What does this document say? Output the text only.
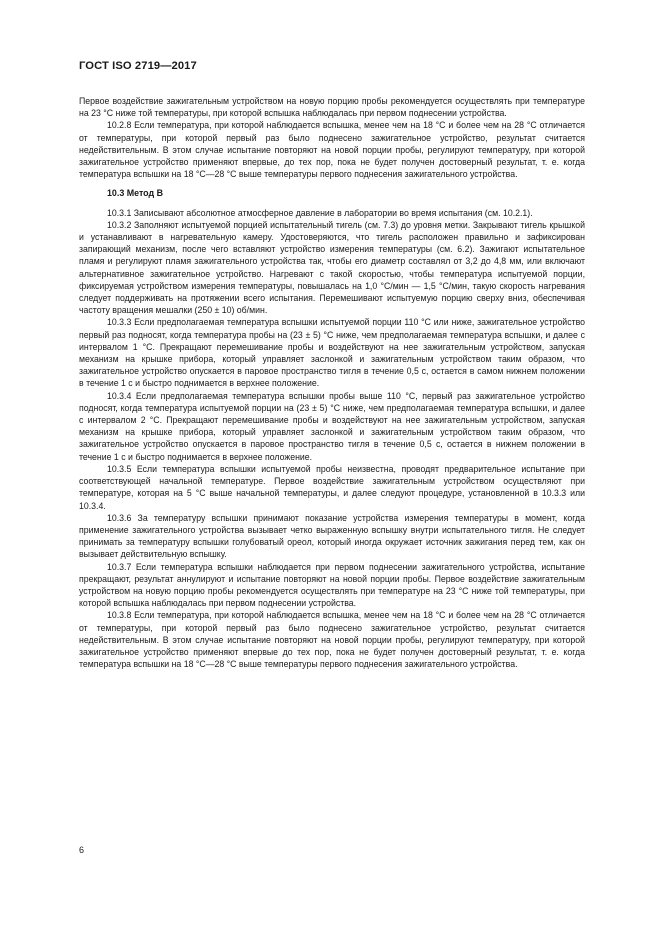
ГОСТ ISO 2719—2017

Первое воздействие зажигательным устройством на новую порцию пробы рекомендуется осуществлять при температуре на 23 °С ниже той температуры, при которой вспышка наблюдалась при первом поднесении устройства.

10.2.8 Если температура, при которой наблюдается вспышка, менее чем на 18 °С и более чем на 28 °С отличается от температуры, при которой первый раз было поднесено зажигательное устройство, результат считается недействительным. В этом случае испытание повторяют на новой порции пробы, регулируют температуру, при которой зажигательное устройство применяют впервые, до тех пор, пока не будет получен достоверный результат, т. е. когда температура вспышки на 18 °С—28 °С выше температуры первого поднесения зажигательного устройства.

10.3 Метод В

10.3.1 Записывают абсолютное атмосферное давление в лаборатории во время испытания (см. 10.2.1).

10.3.2 Заполняют испытуемой порцией испытательный тигель (см. 7.3) до уровня метки. Закрывают тигель крышкой и устанавливают в нагревательную камеру. Удостоверяются, что тигель расположен правильно и зафиксирован запирающий механизм, после чего вставляют устройство измерения температуры (см. 6.2). Зажигают испытательное пламя и регулируют пламя зажигательного устройства так, чтобы его диаметр составлял от 3,2 до 4,8 мм, или включают альтернативное зажигательное устройство. Нагревают с такой скоростью, чтобы температура испытуемой порции, фиксируемая устройством измерения температуры, повышалась на 1,0 °С/мин — 1,5 °С/мин, такую скорость нагревания следует поддерживать на протяжении всего испытания. Перемешивают испытуемую порцию сверху вниз, обеспечивая частоту вращения мешалки (250 ± 10) об/мин.

10.3.3 Если предполагаемая температура вспышки испытуемой порции 110 °С или ниже, зажигательное устройство первый раз подносят, когда температура пробы на (23 ± 5) °С ниже, чем предполагаемая температура вспышки, и далее с интервалом 1 °С. Прекращают перемешивание пробы и воздействуют на нее зажигательным устройством, запуская механизм на крышке прибора, который управляет заслонкой и зажигательным устройством таким образом, что зажигательное устройство опускается в паровое пространство тигля в течение 0,5 с, остается в самом нижнем положении в течение 1 с и быстро поднимается в верхнее положение.

10.3.4 Если предполагаемая температура вспышки пробы выше 110 °С, первый раз зажигательное устройство подносят, когда температура испытуемой порции на (23 ± 5) °С ниже, чем предполагаемая температура вспышки, и далее с интервалом 2 °С. Прекращают перемешивание пробы и воздействуют на нее зажигательным устройством, запуская механизм на крышке прибора, который управляет заслонкой и зажигательным устройством таким образом, что зажигательное устройство опускается в паровое пространство тигля в течение 0,5 с, остается в нижнем положении в течение 1 с и быстро поднимается в верхнее положение.

10.3.5 Если температура вспышки испытуемой пробы неизвестна, проводят предварительное испытание при соответствующей начальной температуре. Первое воздействие зажигательным устройством осуществляют при температуре, которая на 5 °С выше начальной температуры, и далее следуют процедуре, установленной в 10.3.3 или 10.3.4.

10.3.6 За температуру вспышки принимают показание устройства измерения температуры в момент, когда применение зажигательного устройства вызывает четко выраженную вспышку внутри испытательного тигля. Не следует принимать за температуру вспышки голубоватый ореол, который иногда окружает источник зажигания перед тем, как он вызывает действительную вспышку.

10.3.7 Если температура вспышки наблюдается при первом поднесении зажигательного устройства, испытание прекращают, результат аннулируют и испытание повторяют на новой порции пробы. Первое воздействие зажигательным устройством на новую порцию пробы рекомендуется осуществлять при температуре на 23 °С ниже той температуры, при которой вспышка наблюдалась при первом поднесении устройства.

10.3.8 Если температура, при которой наблюдается вспышка, менее чем на 18 °С и более чем на 28 °С отличается от температуры, при которой первый раз было поднесено зажигательное устройство, результат считается недействительным. В этом случае испытание повторяют на новой порции пробы, регулируют температуру, при которой зажигательное устройство применяют впервые до тех пор, пока не будет получен достоверный результат, т. е. когда температура вспышки на 18 °С—28 °С выше температуры первого поднесения зажигательного устройства.

6
